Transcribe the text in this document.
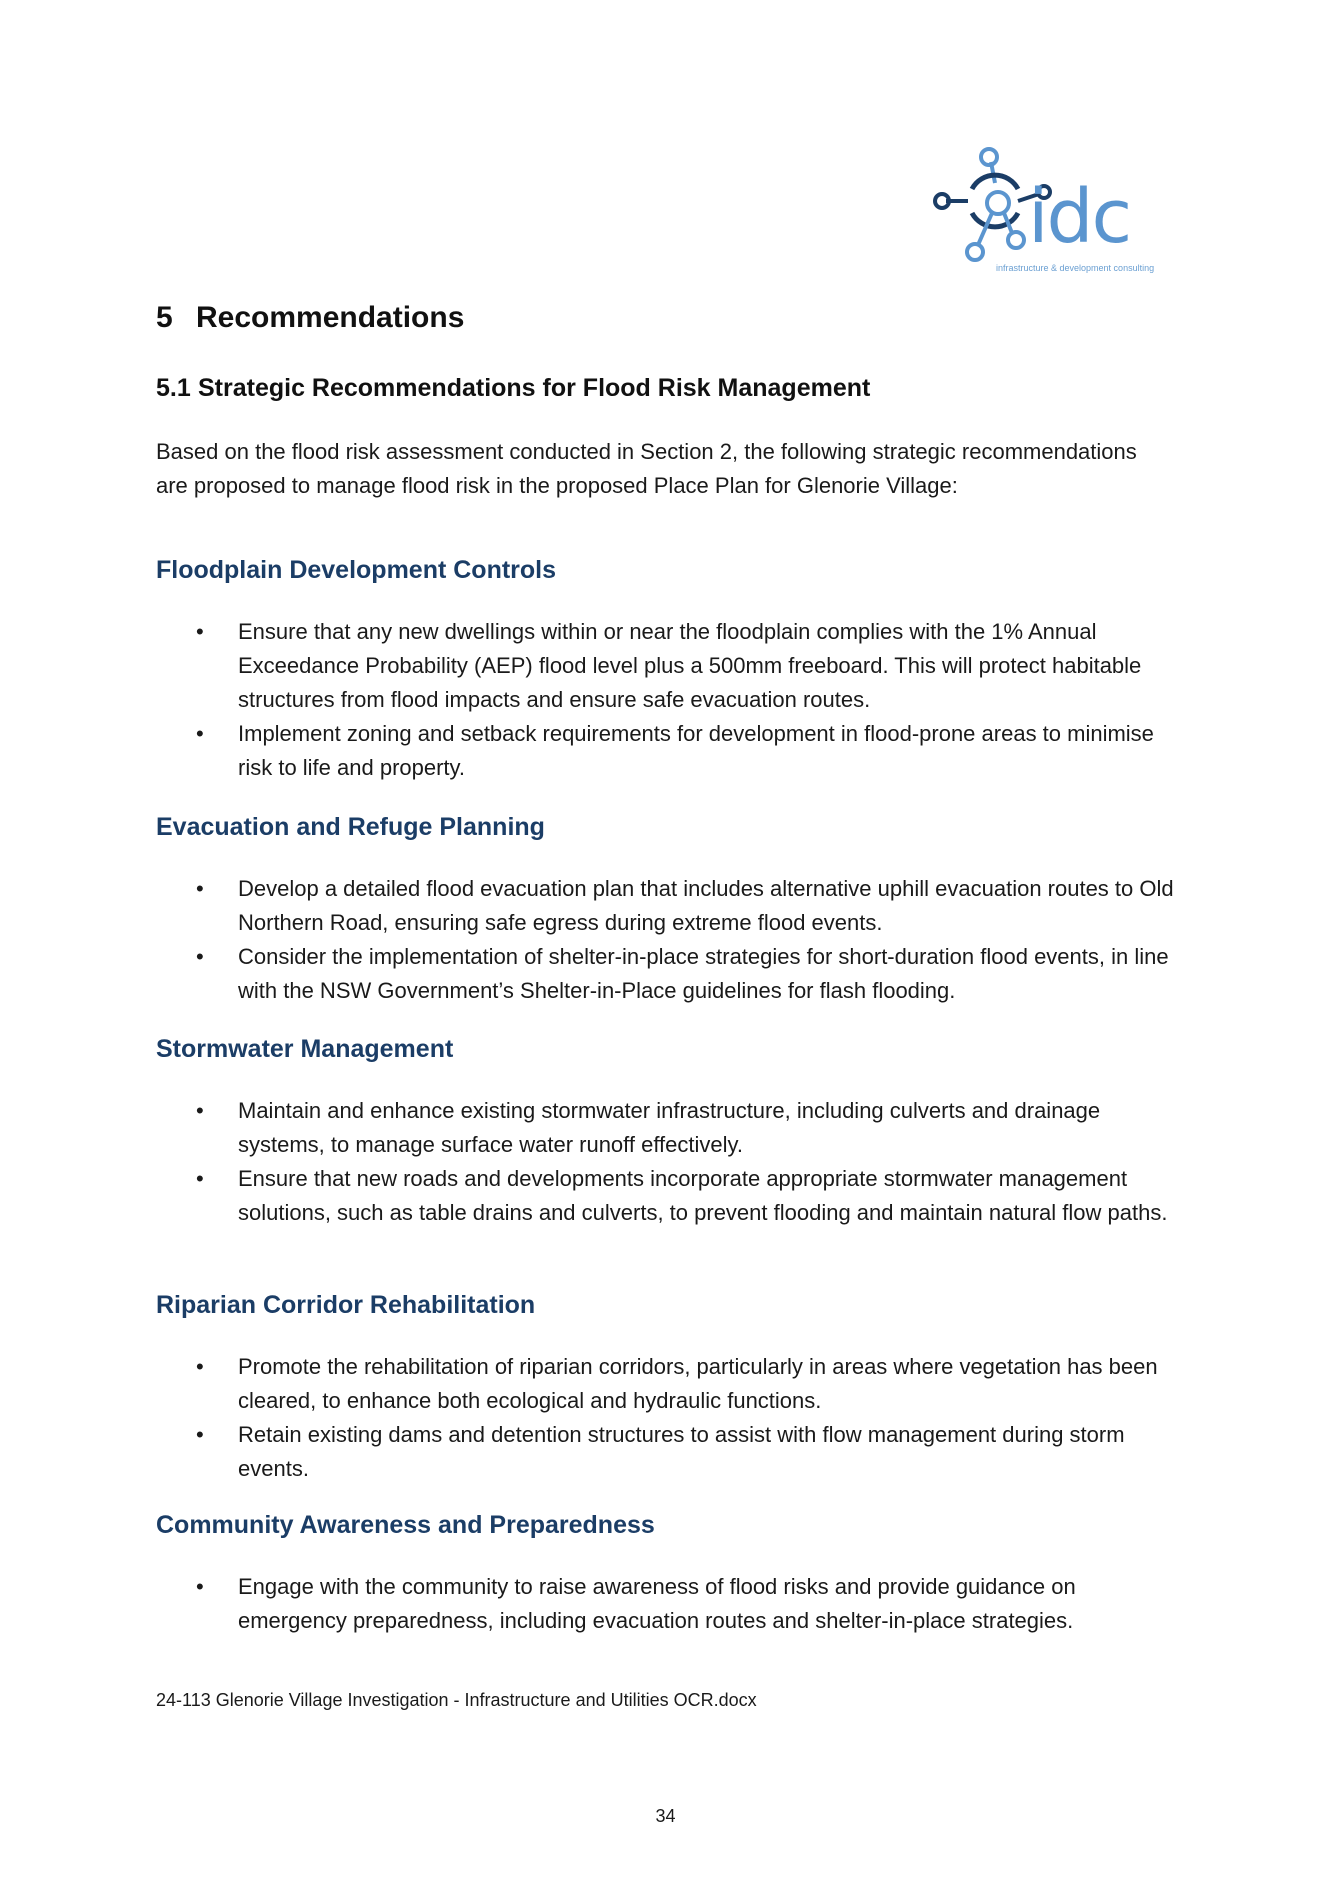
idc
infrastructure & development consulting
5 Recommendations
5.1 Strategic Recommendations for Flood Risk Management

Based on the flood risk assessment conducted in Section 2, the following strategic recommendations are proposed to manage flood risk in the proposed Place Plan for Glenorie Village:

Floodplain Development Controls
• Ensure that any new dwellings within or near the floodplain complies with the 1% Annual Exceedance Probability (AEP) flood level plus a 500mm freeboard. This will protect habitable structures from flood impacts and ensure safe evacuation routes.
• Implement zoning and setback requirements for development in flood-prone areas to minimise risk to life and property.
Evacuation and Refuge Planning
• Develop a detailed flood evacuation plan that includes alternative uphill evacuation routes to Old Northern Road, ensuring safe egress during extreme flood events.
• Consider the implementation of shelter-in-place strategies for short-duration flood events, in line with the NSW Government’s Shelter-in-Place guidelines for flash flooding.
Stormwater Management
• Maintain and enhance existing stormwater infrastructure, including culverts and drainage systems, to manage surface water runoff effectively.
• Ensure that new roads and developments incorporate appropriate stormwater management solutions, such as table drains and culverts, to prevent flooding and maintain natural flow paths.
Riparian Corridor Rehabilitation
• Promote the rehabilitation of riparian corridors, particularly in areas where vegetation has been cleared, to enhance both ecological and hydraulic functions.
• Retain existing dams and detention structures to assist with flow management during storm events.
Community Awareness and Preparedness
• Engage with the community to raise awareness of flood risks and provide guidance on emergency preparedness, including evacuation routes and shelter-in-place strategies.
24-113 Glenorie Village Investigation - Infrastructure and Utilities OCR.docx
34
